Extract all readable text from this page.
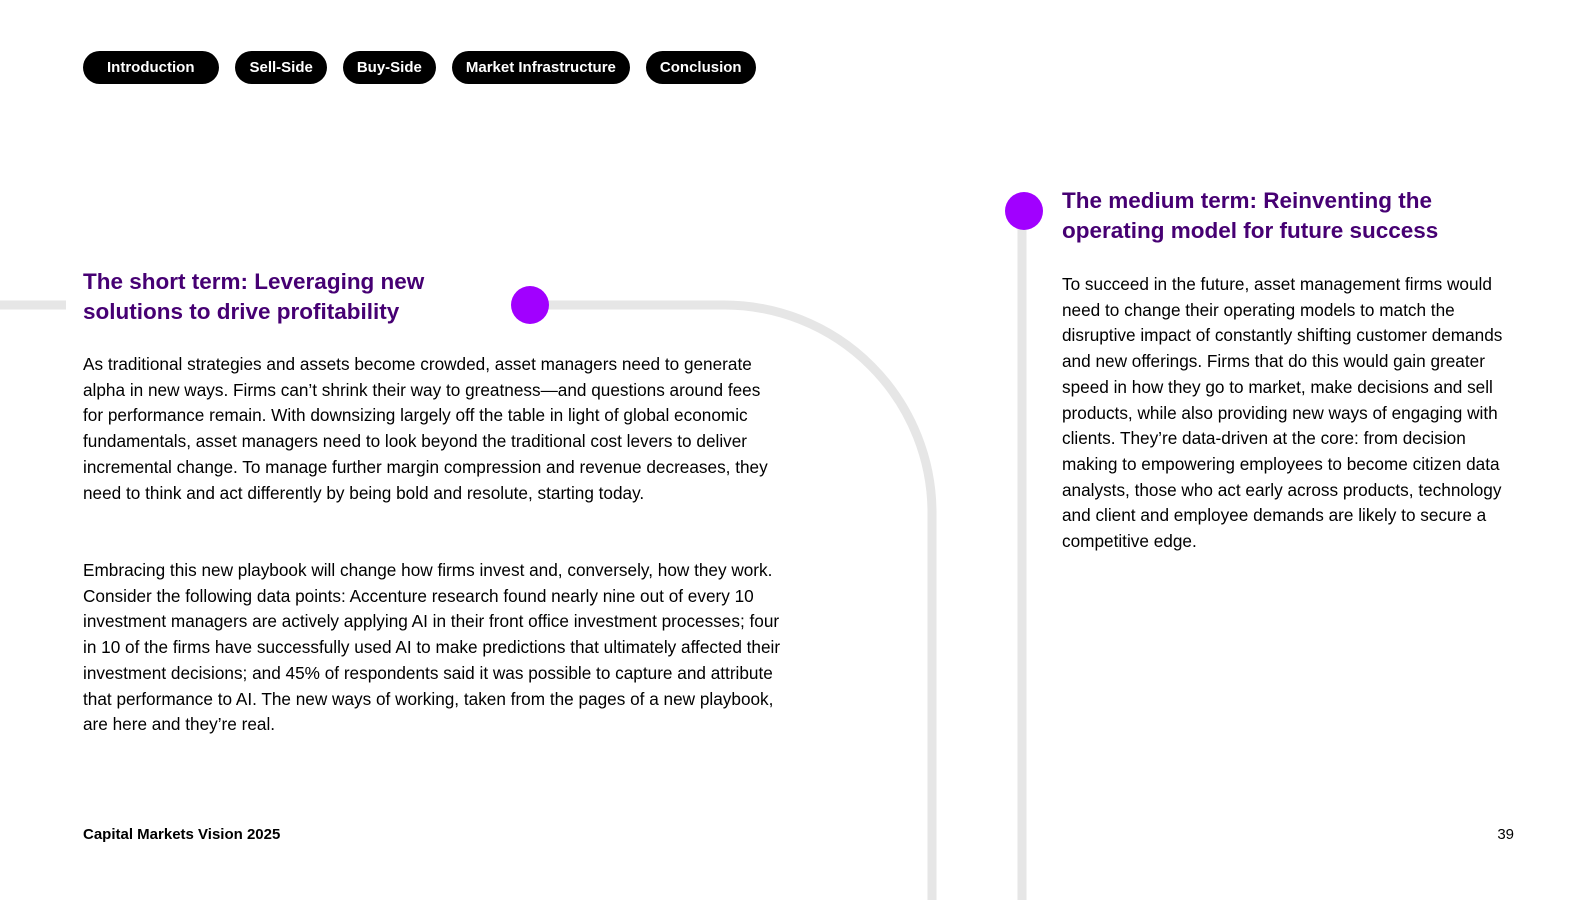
Introduction	Sell-Side	Buy-Side	Market Infrastructure	Conclusion
The short term: Leveraging new
solutions to drive profitability

As traditional strategies and assets become crowded, asset managers need to generate alpha in new ways. Firms can’t shrink their way to greatness—and questions around fees for performance remain. With downsizing largely off the table in light of global economic fundamentals, asset managers need to look beyond the traditional cost levers to deliver incremental change. To manage further margin compression and revenue decreases, they need to think and act differently by being bold and resolute, starting today.

Embracing this new playbook will change how firms invest and, conversely, how they work. Consider the following data points: Accenture research found nearly nine out of every 10 investment managers are actively applying AI in their front office investment processes; four in 10 of the firms have successfully used AI to make predictions that ultimately affected their investment decisions; and 45% of respondents said it was possible to capture and attribute that performance to AI. The new ways of working, taken from the pages of a new playbook, are here and they’re real.

The medium term: Reinventing the
operating model for future success

To succeed in the future, asset management firms would need to change their operating models to match the disruptive impact of constantly shifting customer demands and new offerings. Firms that do this would gain greater speed in how they go to market, make decisions and sell products, while also providing new ways of engaging with clients. They’re data-driven at the core: from decision making to empowering employees to become citizen data analysts, those who act early across products, technology and client and employee demands are likely to secure a competitive edge.

Capital Markets Vision 2025	39
